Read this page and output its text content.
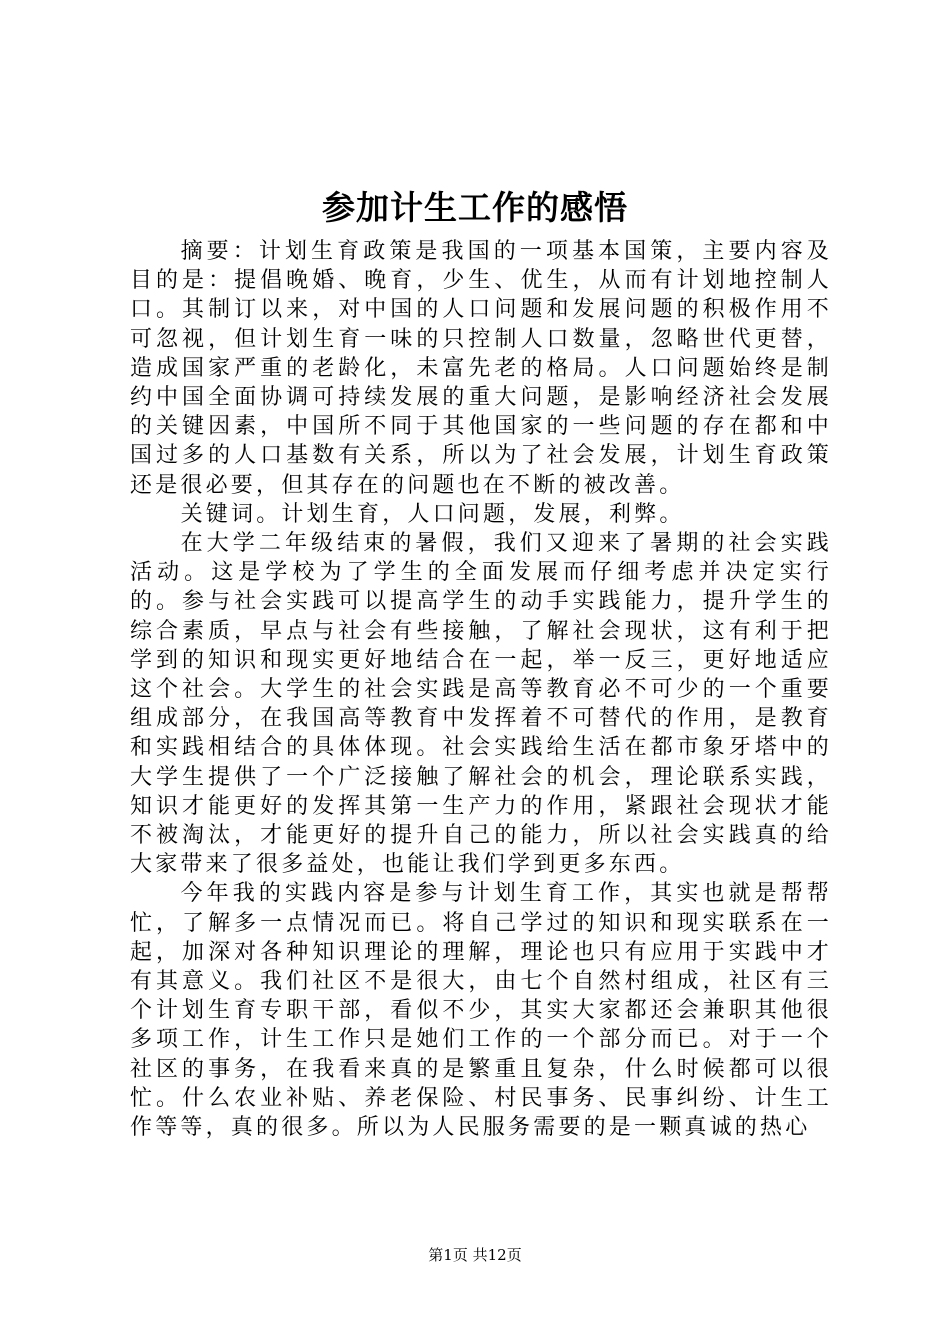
参加计生工作的感悟

摘要：计划生育政策是我国的一项基本国策，主要内容及目的是：提倡晚婚、晚育，少生、优生，从而有计划地控制人口。其制订以来，对中国的人口问题和发展问题的积极作用不可忽视，但计划生育一味的只控制人口数量，忽略世代更替，造成国家严重的老龄化，未富先老的格局。人口问题始终是制约中国全面协调可持续发展的重大问题，是影响经济社会发展的关键因素，中国所不同于其他国家的一些问题的存在都和中国过多的人口基数有关系，所以为了社会发展，计划生育政策还是很必要，但其存在的问题也在不断的被改善。

关键词。计划生育，人口问题，发展，利弊。

在大学二年级结束的暑假，我们又迎来了暑期的社会实践活动。这是学校为了学生的全面发展而仔细考虑并决定实行的。参与社会实践可以提高学生的动手实践能力，提升学生的综合素质，早点与社会有些接触，了解社会现状，这有利于把学到的知识和现实更好地结合在一起，举一反三，更好地适应这个社会。大学生的社会实践是高等教育必不可少的一个重要组成部分，在我国高等教育中发挥着不可替代的作用，是教育和实践相结合的具体体现。社会实践给生活在都市象牙塔中的大学生提供了一个广泛接触了解社会的机会，理论联系实践，知识才能更好的发挥其第一生产力的作用，紧跟社会现状才能不被淘汰，才能更好的提升自己的能力，所以社会实践真的给大家带来了很多益处，也能让我们学到更多东西。

今年我的实践内容是参与计划生育工作，其实也就是帮帮忙，了解多一点情况而已。将自己学过的知识和现实联系在一起，加深对各种知识理论的理解，理论也只有应用于实践中才有其意义。我们社区不是很大，由七个自然村组成，社区有三个计划生育专职干部，看似不少，其实大家都还会兼职其他很多项工作，计生工作只是她们工作的一个部分而已。对于一个社区的事务，在我看来真的是繁重且复杂，什么时候都可以很忙。什么农业补贴、养老保险、村民事务、民事纠纷、计生工作等等，真的很多。所以为人民服务需要的是一颗真诚的热心

第1页 共12页
